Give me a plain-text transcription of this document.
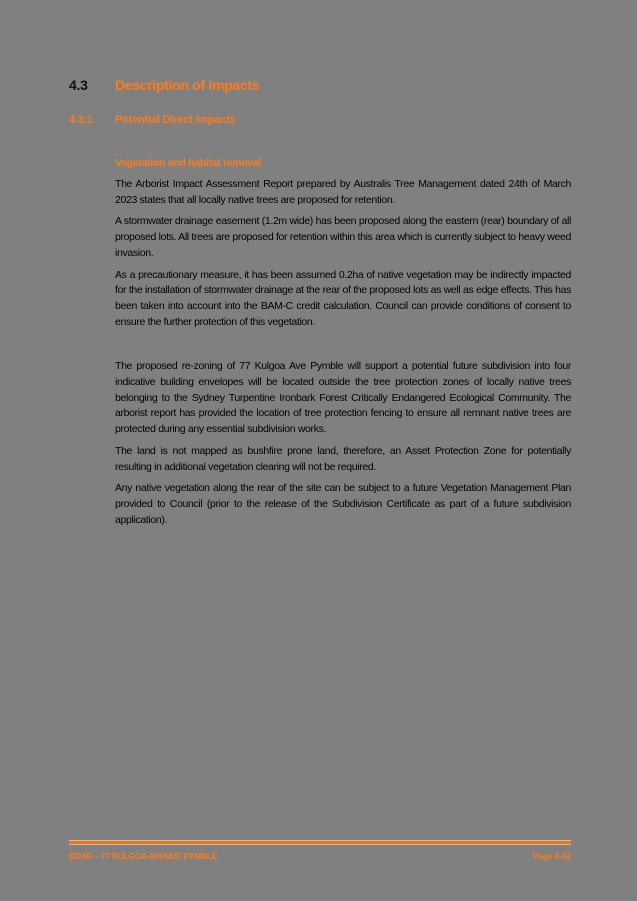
4.3 Description of Impacts
4.3.1 Potential Direct Impacts
Vegetation and habitat removal

The Arborist Impact Assessment Report prepared by Australis Tree Management dated 24th of March 2023 states that all locally native trees are proposed for retention.

A stormwater drainage easement (1.2m wide) has been proposed along the eastern (rear) boundary of all proposed lots. All trees are proposed for retention within this area which is currently subject to heavy weed invasion.

As a precautionary measure, it has been assumed 0.2ha of native vegetation may be indirectly impacted for the installation of stormwater drainage at the rear of the proposed lots as well as edge effects. This has been taken into account into the BAM-C credit calculation. Council can provide conditions of consent to ensure the further protection of this vegetation.

The proposed re-zoning of 77 Kulgoa Ave Pymble will support a potential future subdivision into four indicative building envelopes will be located outside the tree protection zones of locally native trees belonging to the Sydney Turpentine Ironbark Forest Critically Endangered Ecological Community. The arborist report has provided the location of tree protection fencing to ensure all remnant native trees are protected during any essential subdivision works.

The land is not mapped as bushfire prone land, therefore, an Asset Protection Zone for potentially resulting in additional vegetation clearing will not be required.

Any native vegetation along the rear of the site can be subject to a future Vegetation Management Plan provided to Council (prior to the release of the Subdivision Certificate as part of a future subdivision application).

BDAR – 77 KULGOA AVENUE PYMBLE	Page A-52
